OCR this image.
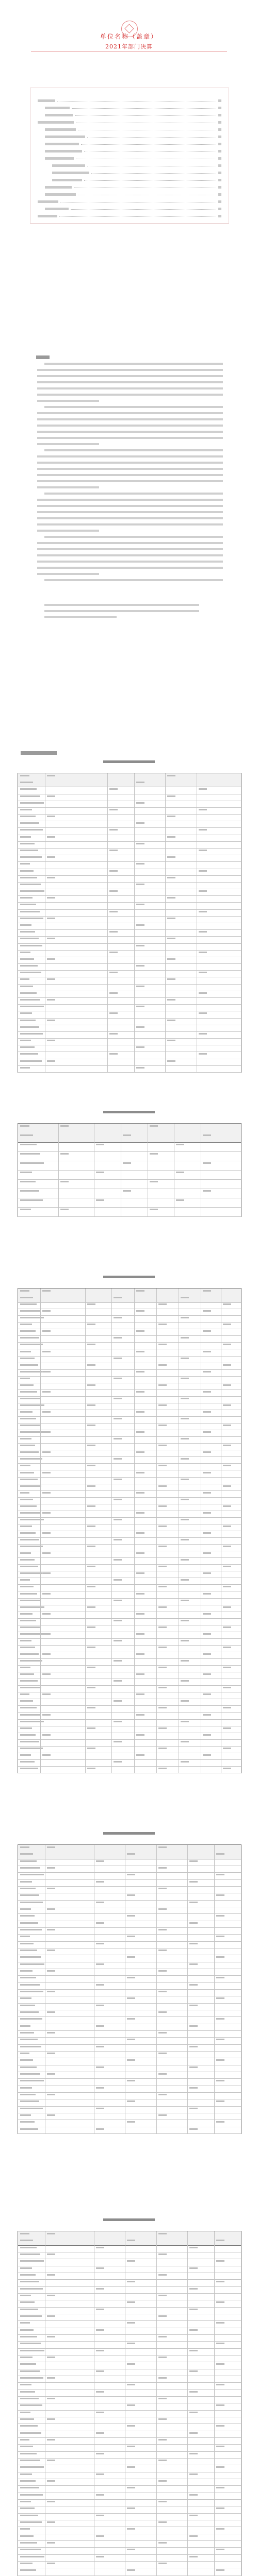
单位名称（盖章）
2021年部门决算
